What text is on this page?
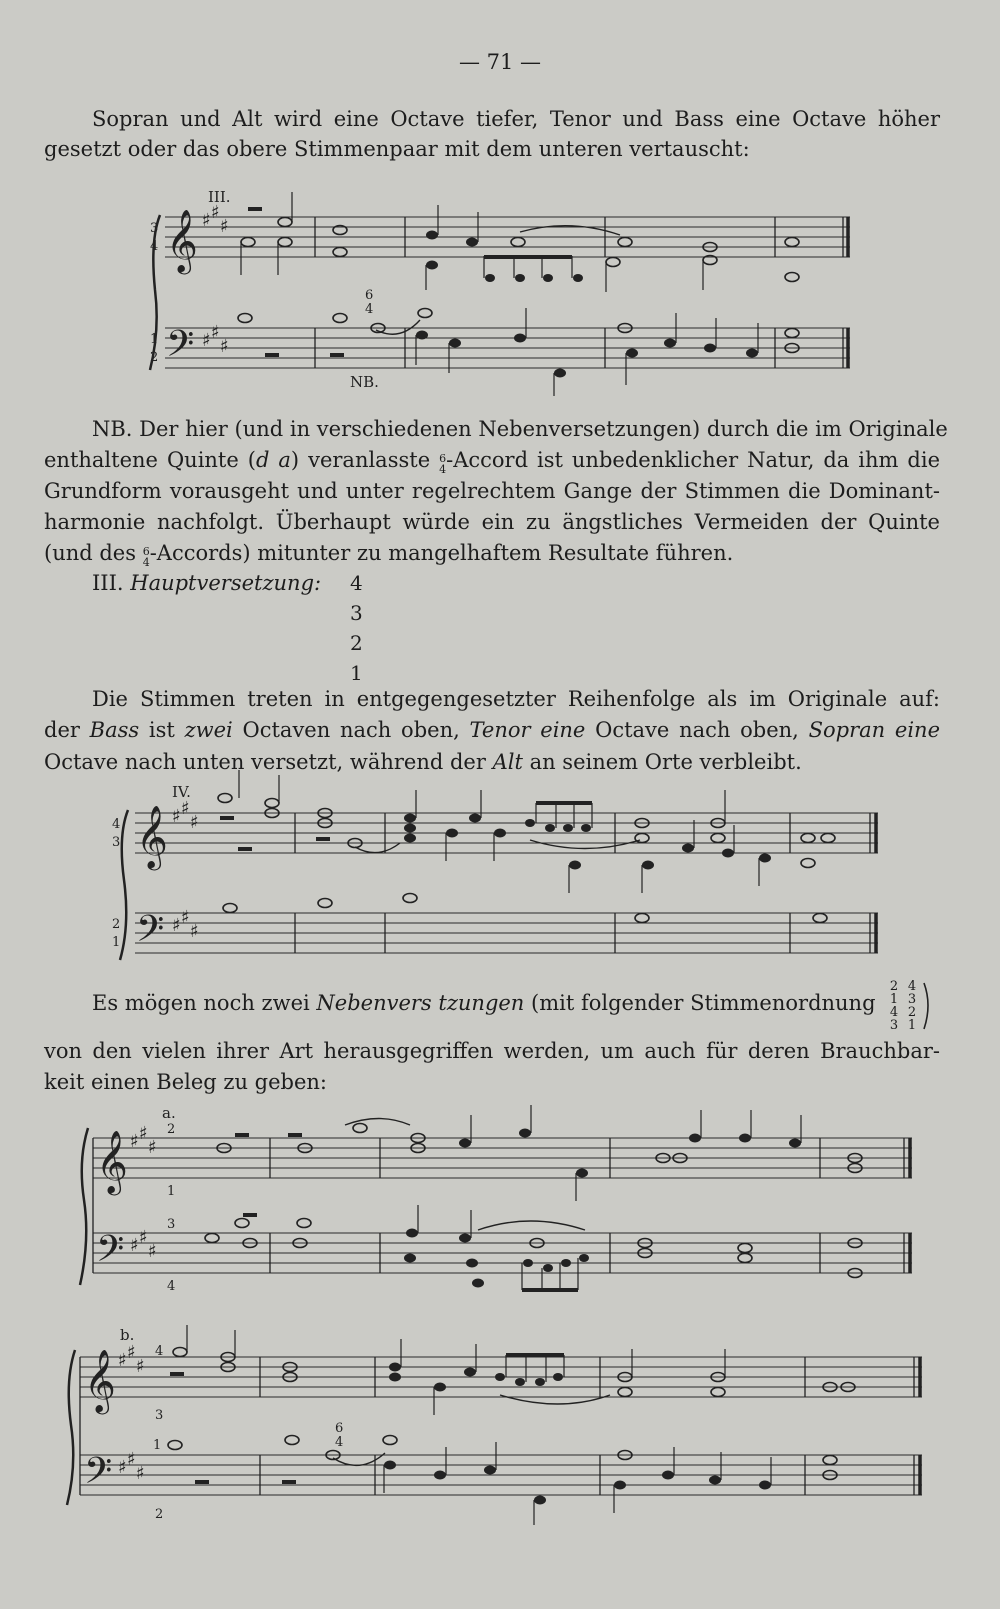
— 71 —
Sopran und Alt wird eine Octave tiefer, Tenor und Bass eine Octave höher
gesetzt oder das obere Stimmenpaar mit dem unteren vertauscht:
𝄞
𝄢
♯ ♯
♯
♯ ♯
♯
3
4
1
2
6
4
III.
NB.
NB. Der hier (und in verschiedenen Nebenversetzungen) durch die im Originale
enthaltene Quinte (d a) veranlasste 6
4 -Accord ist unbedenklicher Natur, da ihm die
Grundform vorausgeht und unter regelrechtem Gange der Stimmen die Dominant-
harmonie nachfolgt. Überhaupt würde ein zu ängstliches Vermeiden der Quinte
(und des 6
4 -Accords) mitunter zu mangelhaftem Resultate führen.
III. Hauptversetzung: 4
3
2
1
Die Stimmen treten in entgegengesetzter Reihenfolge als im Originale auf:
der Bass ist zwei Octaven nach oben, Tenor eine Octave nach oben, Sopran eine
Octave nach unten versetzt, während der Alt an seinem Orte verbleibt.
𝄞
𝄢
♯ ♯
♯
♯ ♯
♯
4
3
2
1
IV.
Es mögen noch zwei Nebenvers tzungen (mit folgender Stimmenordnung
2
1
4
3
4
3
2
1
von den vielen ihrer Art herausgegriffen werden, um auch für deren Brauchbar-
keit einen Beleg zu geben:
𝄞
𝄢
♯ ♯
♯
♯ ♯
♯
a.
2
1
3
4
𝄞
𝄢
♯ ♯
♯
♯ ♯
♯
b.
4
3
1
2
6
4
